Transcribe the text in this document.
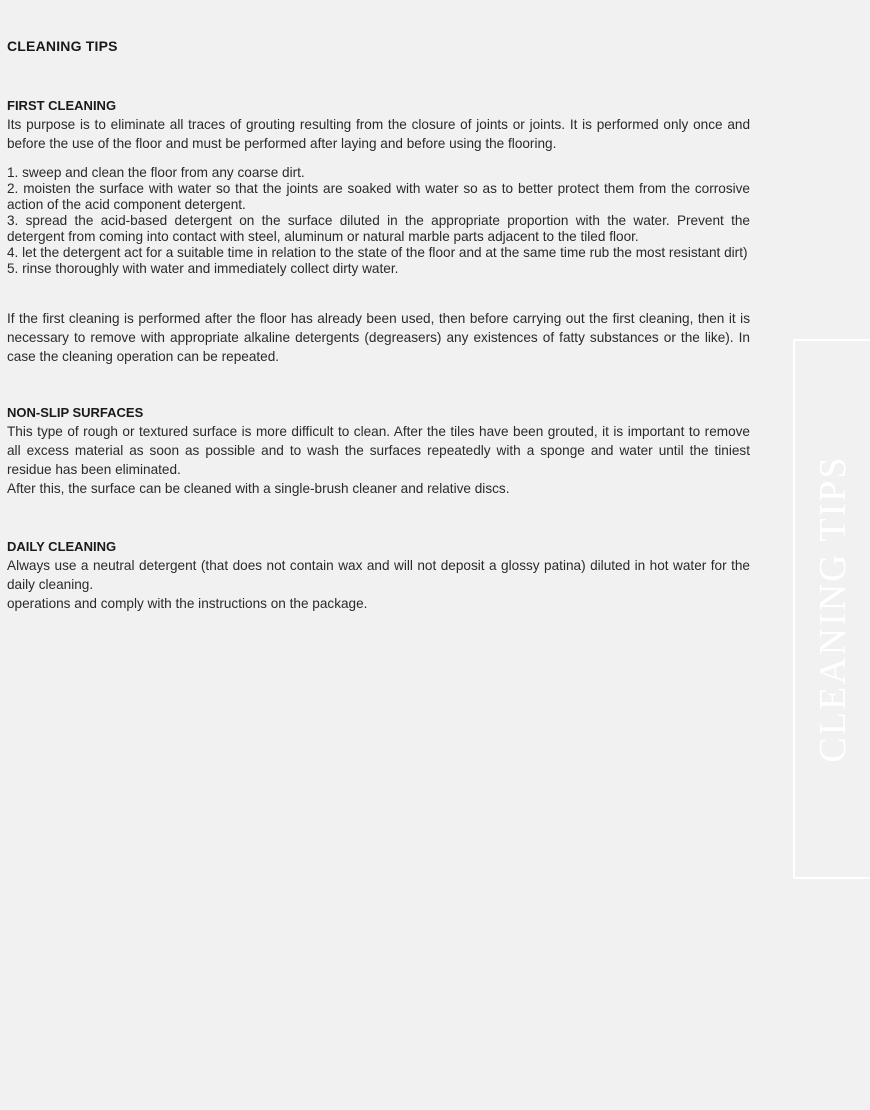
CLEANING TIPS
FIRST CLEANING

Its purpose is to eliminate all traces of grouting resulting from the closure of joints or joints. It is performed only once and before the use of the floor and must be performed after laying and before using the flooring.

1. sweep and clean the floor from any coarse dirt.

2. moisten the surface with water so that the joints are soaked with water so as to better protect them from the corrosive action of the acid component detergent.

3. spread the acid-based detergent on the surface diluted in the appropriate proportion with the water. Prevent the detergent from coming into contact with steel, aluminum or natural marble parts adjacent to the tiled floor.

4. let the detergent act for a suitable time in relation to the state of the floor and at the same time rub the most resistant dirt)

5. rinse thoroughly with water and immediately collect dirty water.

If the first cleaning is performed after the floor has already been used, then before carrying out the first cleaning, then it is necessary to remove with appropriate alkaline detergents (degreasers) any existences of fatty substances or the like). In case the cleaning operation can be repeated.

NON-SLIP SURFACES

This type of rough or textured surface is more difficult to clean. After the tiles have been grouted, it is important to remove all excess material as soon as possible and to wash the surfaces repeatedly with a sponge and water until the tiniest residue has been eliminated.

After this, the surface can be cleaned with a single-brush cleaner and relative discs.

DAILY CLEANING

Always use a neutral detergent (that does not contain wax and will not deposit a glossy patina) diluted in hot water for the daily cleaning.

operations and comply with the instructions on the package.	CLEANING TIPS
